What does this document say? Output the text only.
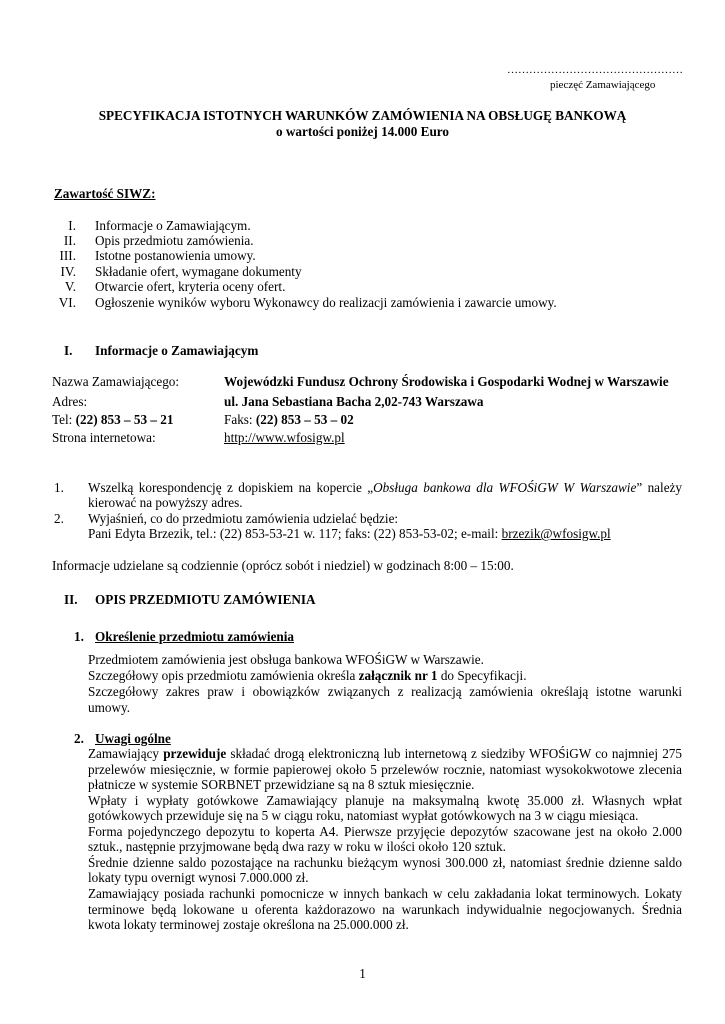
…………………………………………
pieczęć Zamawiającego
SPECYFIKACJA ISTOTNYCH WARUNKÓW ZAMÓWIENIA NA OBSŁUGĘ BANKOWĄ
o wartości poniżej 14.000 Euro
Zawartość SIWZ:
I. Informacje o Zamawiającym.
II. Opis przedmiotu zamówienia.
III. Istotne postanowienia umowy.
IV. Składanie ofert, wymagane dokumenty
V. Otwarcie ofert, kryteria oceny ofert.
VI. Ogłoszenie wyników wyboru Wykonawcy do realizacji zamówienia i zawarcie umowy.
I. Informacje o Zamawiającym
Nazwa Zamawiającego:	Wojewódzki Fundusz Ochrony Środowiska i Gospodarki Wodnej w Warszawie
Adres:	ul. Jana Sebastiana Bacha 2,02-743 Warszawa
Tel: (22) 853 – 53 – 21	Faks: (22) 853 – 53 – 02
Strona internetowa:	http://www.wfosigw.pl
1. Wszelką korespondencję z dopiskiem na kopercie „Obsługa bankowa dla WFOŚiGW W Warszawie” należy
kierować na powyższy adres.
2. Wyjaśnień, co do przedmiotu zamówienia udzielać będzie:
Pani Edyta Brzezik, tel.: (22) 853-53-21 w. 117; faks: (22) 853-53-02; e-mail: brzezik@wfosigw.pl
Informacje udzielane są codziennie (oprócz sobót i niedziel) w godzinach 8:00 – 15:00.
II. OPIS PRZEDMIOTU ZAMÓWIENIA
1. Określenie przedmiotu zamówienia
Przedmiotem zamówienia jest obsługa bankowa WFOŚiGW w Warszawie.
Szczegółowy opis przedmiotu zamówienia określa załącznik nr 1 do Specyfikacji.
Szczegółowy zakres praw i obowiązków związanych z realizacją zamówienia określają istotne warunki
umowy.
2. Uwagi ogólne
Zamawiający przewiduje składać drogą elektroniczną lub internetową z siedziby WFOŚiGW co najmniej 275
przelewów miesięcznie, w formie papierowej około 5 przelewów rocznie, natomiast wysokokwotowe zlecenia
płatnicze w systemie SORBNET przewidziane są na 8 sztuk miesięcznie.
Wpłaty i wypłaty gotówkowe Zamawiający planuje na maksymalną kwotę 35.000 zł. Własnych wpłat
gotówkowych przewiduje się na 5 w ciągu roku, natomiast wypłat gotówkowych na 3 w ciągu miesiąca.
Forma pojedynczego depozytu to koperta A4. Pierwsze przyjęcie depozytów szacowane jest na około 2.000
sztuk., następnie przyjmowane będą dwa razy w roku w ilości około 120 sztuk.
Średnie dzienne saldo pozostające na rachunku bieżącym wynosi 300.000 zł, natomiast średnie dzienne saldo
lokaty typu overnigt wynosi 7.000.000 zł.
Zamawiający posiada rachunki pomocnicze w innych bankach w celu zakładania lokat terminowych. Lokaty
terminowe będą lokowane u oferenta każdorazowo na warunkach indywidualnie negocjowanych. Średnia
kwota lokaty terminowej zostaje określona na 25.000.000 zł.
1
